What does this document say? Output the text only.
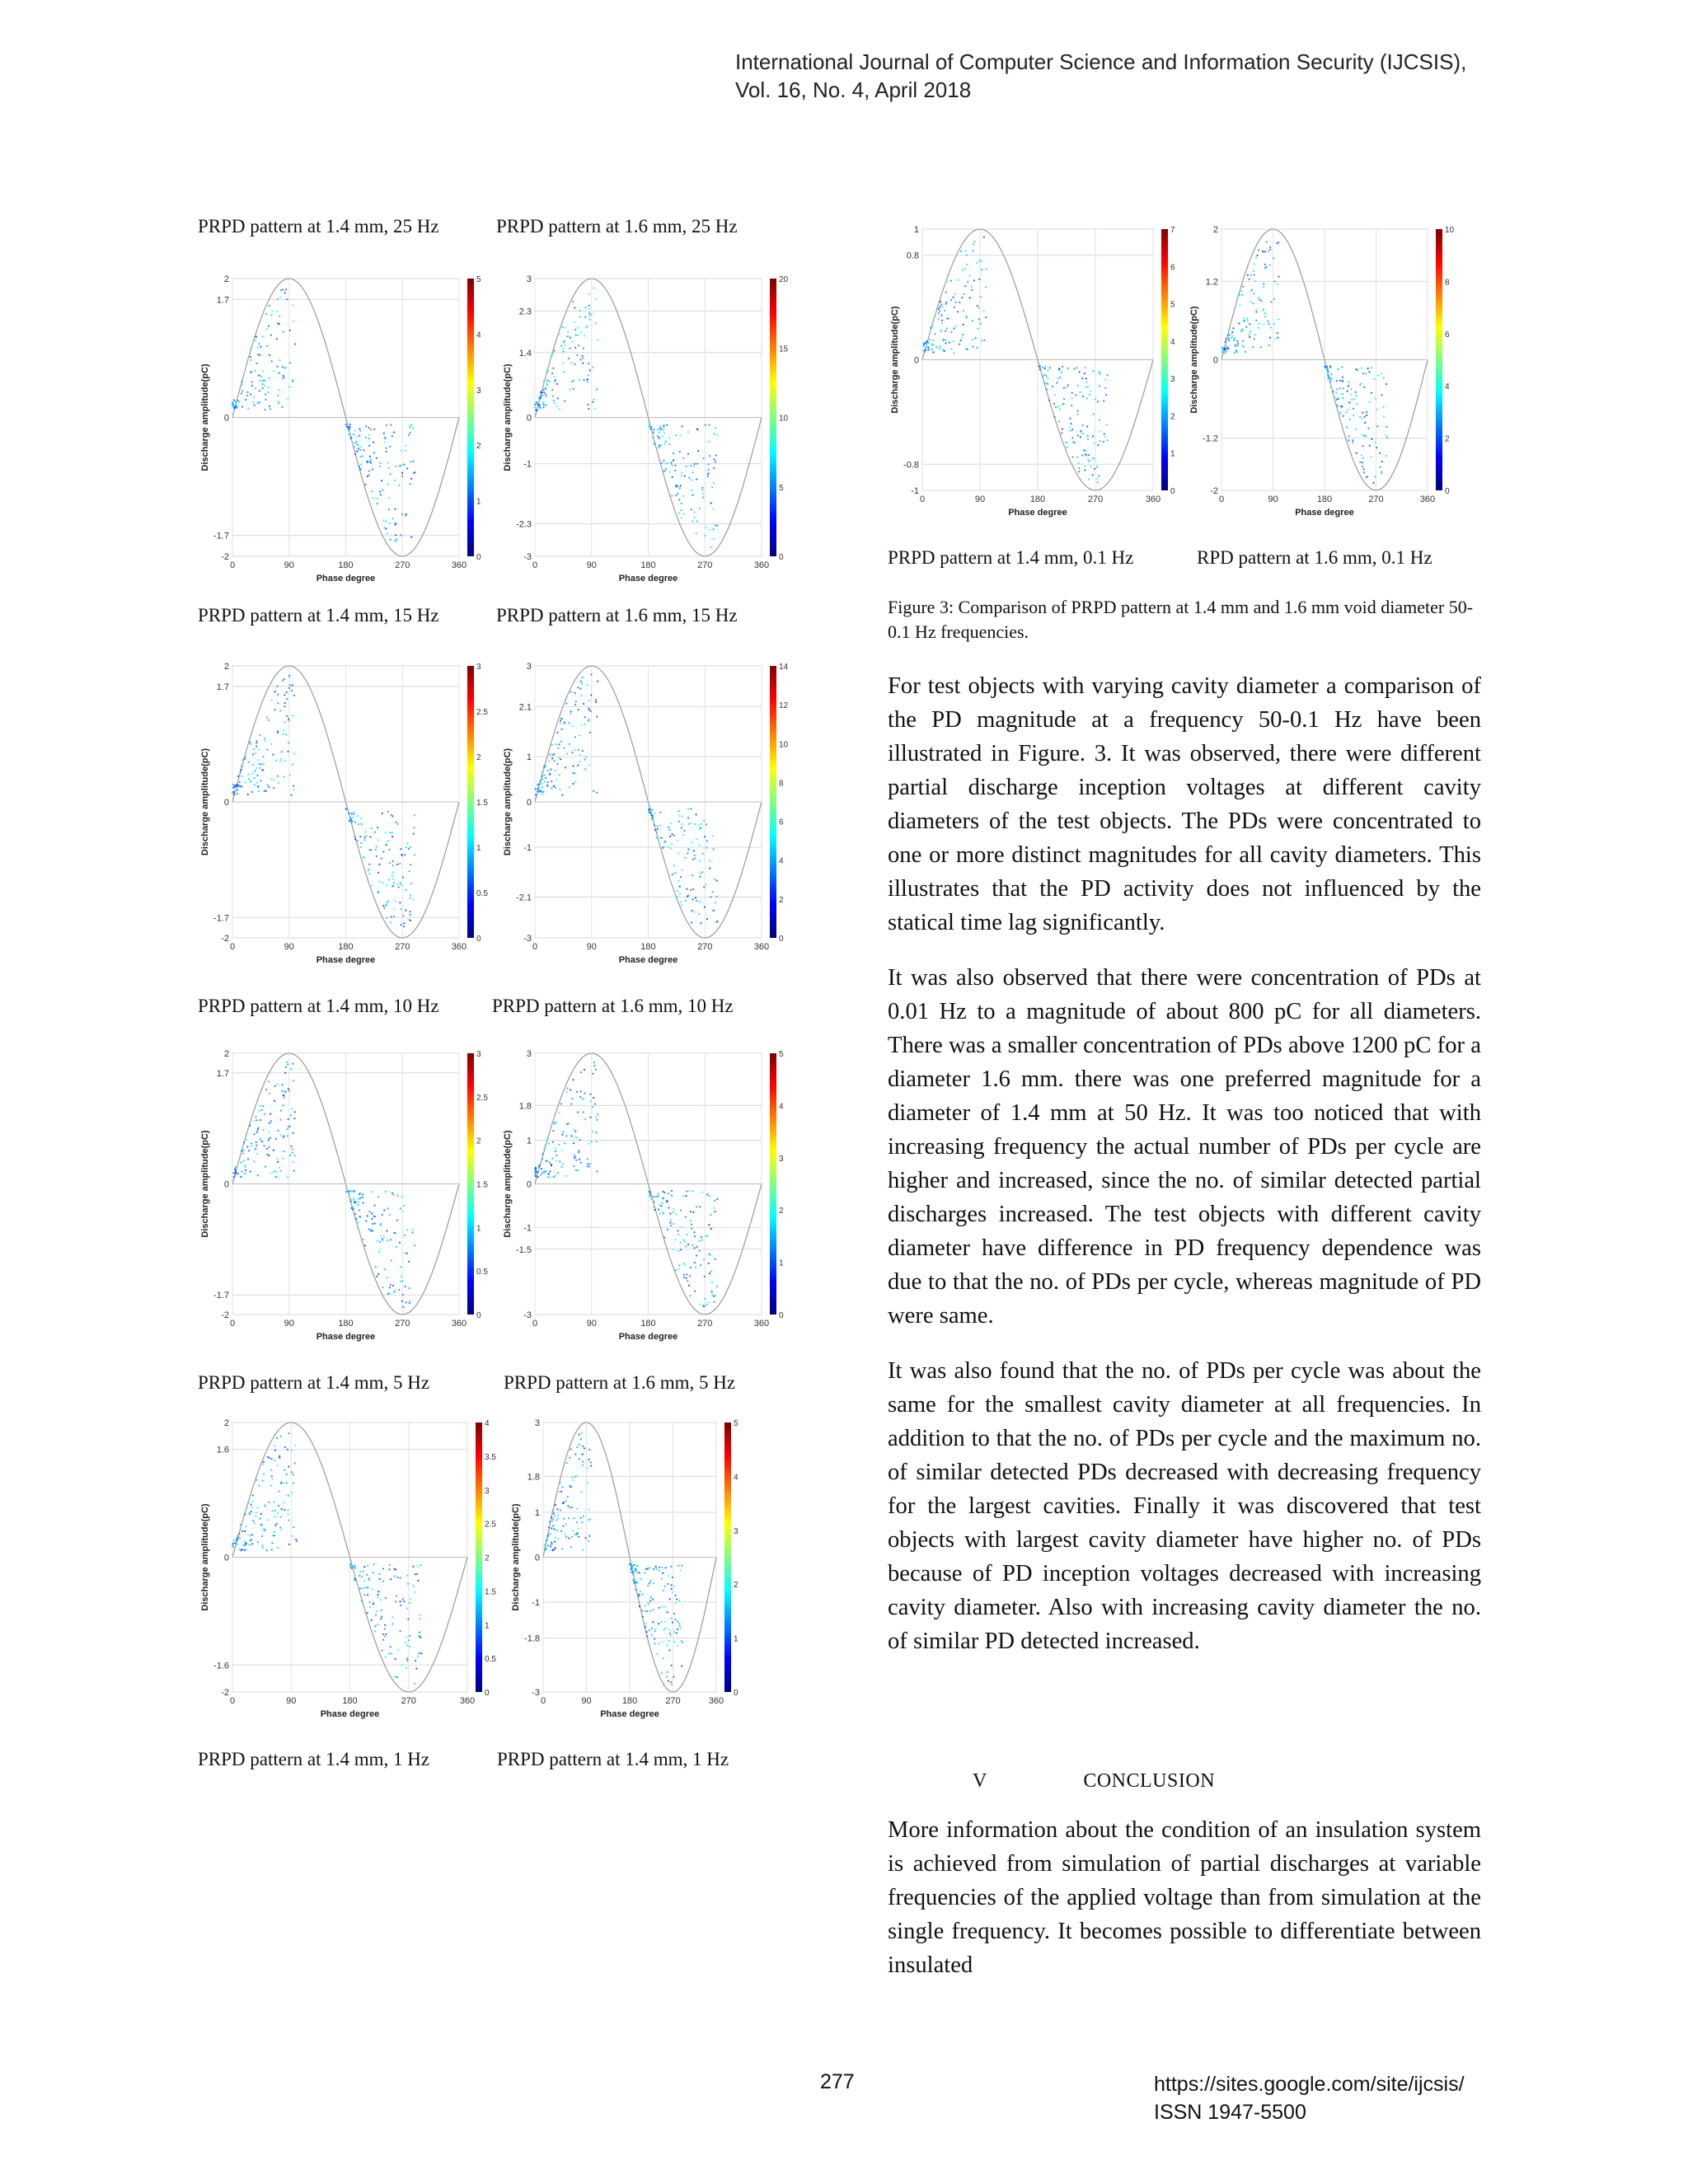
International Journal of Computer Science and Information Security (IJCSIS),
Vol. 16, No. 4, April 2018
PRPD pattern at 1.4 mm, 25 Hz	PRPD pattern at 1.6 mm, 25 Hz
PRPD pattern at 1.4 mm, 15 Hz	PRPD pattern at 1.6 mm, 15 Hz
PRPD pattern at 1.4 mm, 10 Hz	PRPD pattern at 1.6 mm, 10 Hz
PRPD pattern at 1.4 mm, 5 Hz	PRPD pattern at 1.6 mm, 5 Hz
PRPD pattern at 1.4 mm, 1 Hz	PRPD pattern at 1.4 mm, 1 Hz
PRPD pattern at 1.4 mm, 0.1 Hz	RPD pattern at 1.6 mm, 0.1 Hz
2
1.7
0
-1.7
-2
0	90	180	270	360
Phase degree
Discharge amplitude(pC)
5
4
3
2
1
0
3
2.3
1.4
0
-1
-2.3
-3
0	90	180	270	360
Phase degree
Discharge amplitude(pC)
20
15
10
5
0
2
1.7
0
-1.7
-2
0	90	180	270	360
Phase degree
Discharge amplitude(pC)
3
2.5
2
1.5
1
0.5
0
3
2.1
1
0
-1
-2.1
-3
0	90	180	270	360
Phase degree
Discharge amplitude(pC)
14
12
10
8
6
4
2
0
2
1.7
0
-1.7
-2
0	90	180	270	360
Phase degree
Discharge amplitude(pC)
3
2.5
2
1.5
1
0.5
0
3
1.8
1
0
-1
-1.5
-3
0	90	180	270	360
Phase degree
Discharge amplitude(pC)
5
4
3
2
1
0
2
1.6
0
-1.6
-2
0	90	180	270	360
Phase degree
Discharge amplitude(pC)
4
3.5
3
2.5
2
1.5
1
0.5
0
3
1.8
1
0
-1
-1.8
-3
0	90	180	270	360
Phase degree
Discharge amplitude(pC)
5
4
3
2
1
0
1
0.8
0
-0.8
-1
0	90	180	270	360
Phase degree
Discharge amplitude(pC)
7
6
5
4
3
2
1
0
2
1.2
0
-1.2
-2
0	90	180	270	360
Phase degree
Discharge amplitude(pC)
10
8
6
4
2
0
Figure 3: Comparison of PRPD pattern at 1.4 mm and 1.6 mm void diameter 50-0.1 Hz frequencies.

For test objects with varying cavity diameter a comparison of the PD magnitude at a frequency 50-0.1 Hz have been illustrated in Figure. 3. It was observed, there were different partial discharge inception voltages at different cavity diameters of the test objects. The PDs were concentrated to one or more distinct magnitudes for all cavity diameters. This illustrates that the PD activity does not influenced by the statical time lag significantly.

It was also observed that there were concentration of PDs at 0.01 Hz to a magnitude of about 800 pC for all diameters. There was a smaller concentration of PDs above 1200 pC for a diameter 1.6 mm. there was one preferred magnitude for a diameter of 1.4 mm at 50 Hz. It was too noticed that with increasing frequency the actual number of PDs per cycle are higher and increased, since the no. of similar detected partial discharges increased. The test objects with different cavity diameter have difference in PD frequency dependence was due to that the no. of PDs per cycle, whereas magnitude of PD were same.

It was also found that the no. of PDs per cycle was about the same for the smallest cavity diameter at all frequencies. In addition to that the no. of PDs per cycle and the maximum no. of similar detected PDs decreased with decreasing frequency for the largest cavities. Finally it was discovered that test objects with largest cavity diameter have higher no. of PDs because of PD inception voltages decreased with increasing cavity diameter. Also with increasing cavity diameter the no. of similar PD detected increased.

V	CONCLUSION
More information about the condition of an insulation system is achieved from simulation of partial discharges at variable frequencies of the applied voltage than from simulation at the single frequency. It becomes possible to differentiate between insulated
277	https://sites.google.com/site/ijcsis/
ISSN 1947-5500
